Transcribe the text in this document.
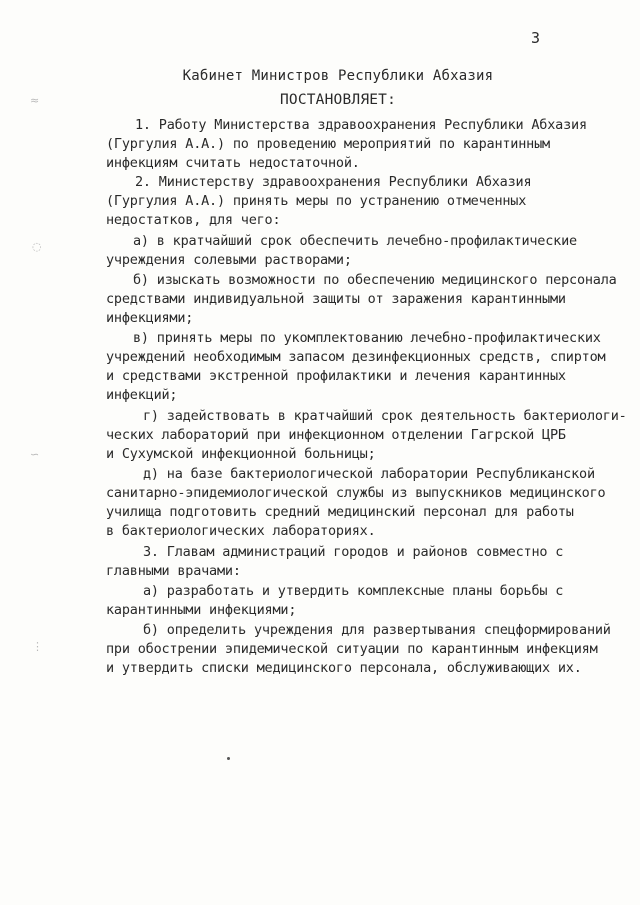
3
Кабинет Министров Республики Абхазия
ПОСТАНОВЛЯЕТ:
1. Работу Министерства здравоохранения Республики Абхазия
(Гургулия А.А.) по проведению мероприятий по карантинным
инфекциям считать недостаточной.
2. Министерству здравоохранения Республики Абхазия
(Гургулия А.А.) принять меры по устранению отмеченных
недостатков, для чего:
а) в кратчайший срок обеспечить лечебно-профилактические
учреждения солевыми растворами;
б) изыскать возможности по обеспечению медицинского персонала
средствами индивидуальной защиты от заражения карантинными
инфекциями;
в) принять меры по укомплектованию лечебно-профилактических
учреждений необходимым запасом дезинфекционных средств, спиртом
и средствами экстренной профилактики и лечения карантинных
инфекций;
г) задействовать в кратчайший срок деятельность бактериологи-
ческих лабораторий при инфекционном отделении Гагрской ЦРБ
и Сухумской инфекционной больницы;
д) на базе бактериологической лаборатории Республиканской
санитарно-эпидемиологической службы из выпускников медицинского
училища подготовить средний медицинский персонал для работы
в бактериологических лабораториях.
3. Главам администраций городов и районов совместно с
главными врачами:
а) разработать и утвердить комплексные планы борьбы с
карантинными инфекциями;
б) определить учреждения для развертывания спецформирований
при обострении эпидемической ситуации по карантинным инфекциям
и утвердить списки медицинского персонала, обслуживающих их.
≈
◌
∽
⋮
